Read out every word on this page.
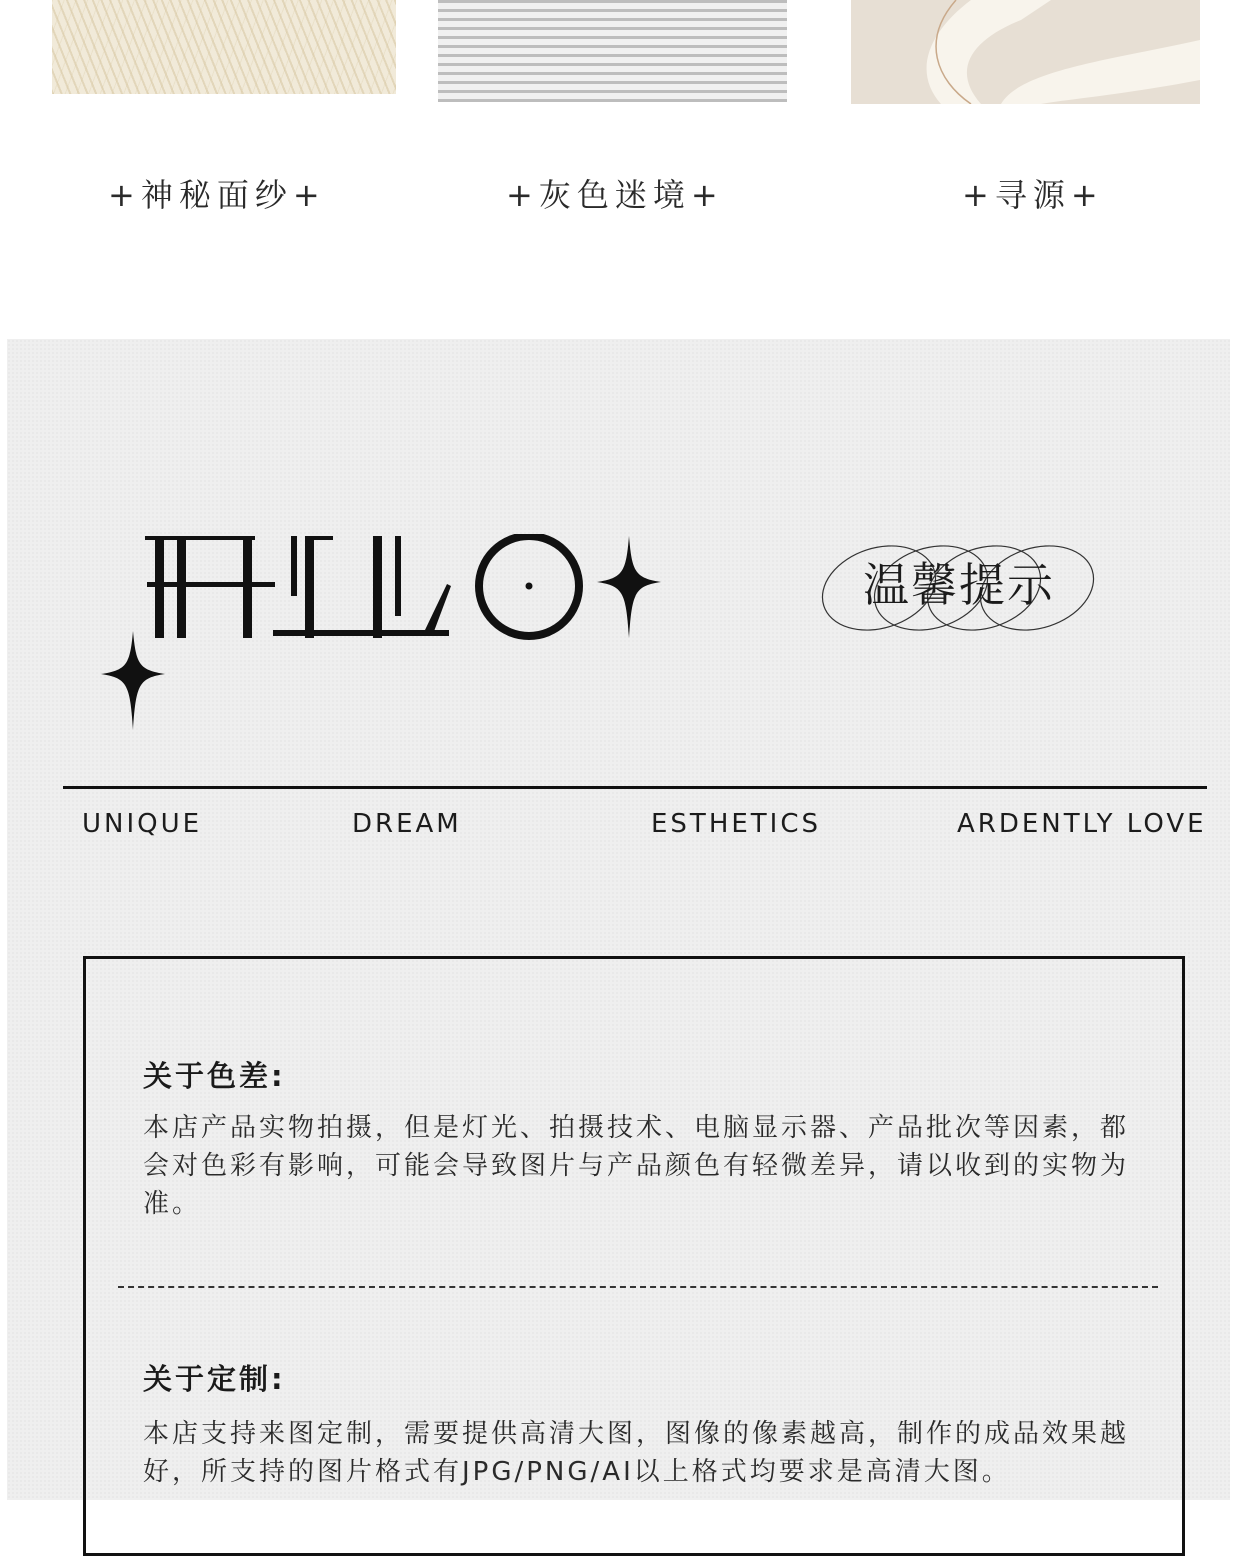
+神秘面纱+	+灰色迷境+	+寻源+
温馨提示
UNIQUE	DREAM	ESTHETICS	ARDENTLY LOVE
关于色差:
本店产品实物拍摄，但是灯光、拍摄技术、电脑显示器、产品批次等因素，都会对色彩有影响，可能会导致图片与产品颜色有轻微差异，请以收到的实物为准。
关于定制:
本店支持来图定制，需要提供高清大图，图像的像素越高，制作的成品效果越好，所支持的图片格式有JPG/PNG/AI以上格式均要求是高清大图。
